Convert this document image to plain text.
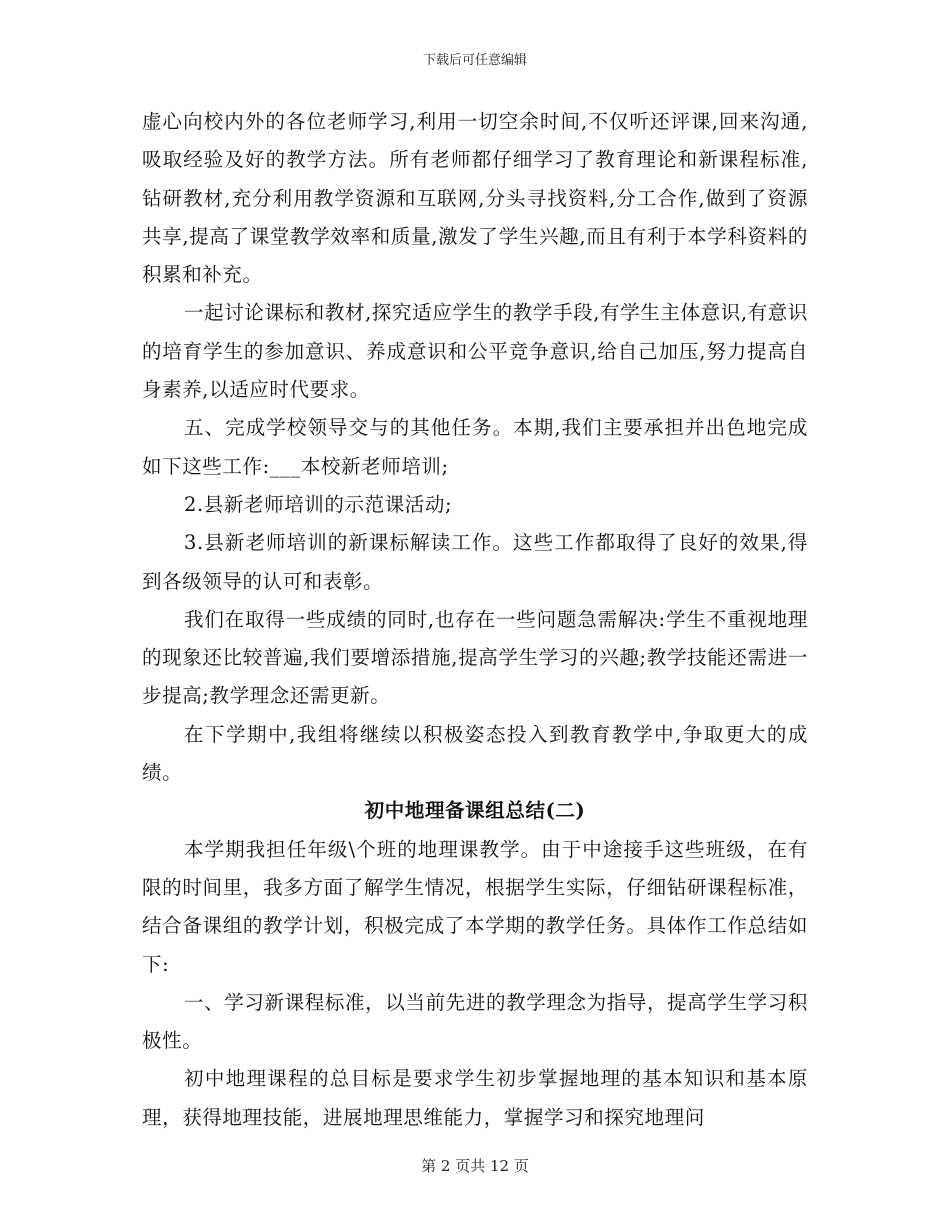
下载后可任意编辑

虚心向校内外的各位老师学习,利用一切空余时间,不仅听还评课,回来沟通,吸取经验及好的教学方法。所有老师都仔细学习了教育理论和新课程标准,钻研教材,充分利用教学资源和互联网,分头寻找资料,分工合作,做到了资源共享,提高了课堂教学效率和质量,激发了学生兴趣,而且有利于本学科资料的积累和补充。

一起讨论课标和教材,探究适应学生的教学手段,有学生主体意识,有意识的培育学生的参加意识、养成意识和公平竞争意识,给自己加压,努力提高自身素养,以适应时代要求。

五、完成学校领导交与的其他任务。本期,我们主要承担并出色地完成如下这些工作:___本校新老师培训;

2.县新老师培训的示范课活动;

3.县新老师培训的新课标解读工作。这些工作都取得了良好的效果,得到各级领导的认可和表彰。

我们在取得一些成绩的同时,也存在一些问题急需解决:学生不重视地理的现象还比较普遍,我们要增添措施,提高学生学习的兴趣;教学技能还需进一步提高;教学理念还需更新。

在下学期中,我组将继续以积极姿态投入到教育教学中,争取更大的成绩。

初中地理备课组总结(二)

本学期我担任年级\个班的地理课教学。由于中途接手这些班级，在有限的时间里，我多方面了解学生情况，根据学生实际，仔细钻研课程标准，结合备课组的教学计划，积极完成了本学期的教学任务。具体作工作总结如下:

一、学习新课程标准，以当前先进的教学理念为指导，提高学生学习积极性。

初中地理课程的总目标是要求学生初步掌握地理的基本知识和基本原理，获得地理技能，进展地理思维能力，掌握学习和探究地理问

第 2 页共 12 页
